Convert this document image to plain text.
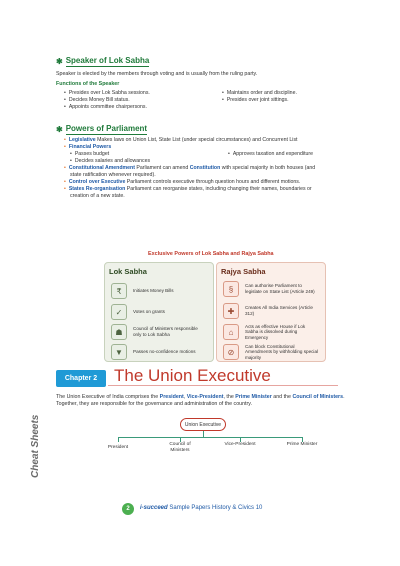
✱ Speaker of Lok Sabha
Speaker is elected by the members through voting and is usually from the ruling party.
Functions of the Speaker
• Presides over Lok Sabha sessions.
• Decides Money Bill status.
• Appoints committee chairpersons.
• Maintains order and discipline.
• Presides over joint sittings.
✱ Powers of Parliament
• Legislative Makes laws on Union List, State List (under special circumstances) and Concurrent List
• Financial Powers
• Passes budget
• Decides salaries and allowances
• Approves taxation and expenditure
• Constitutional Amendment Parliament can amend Constitution with special majority in both houses (and
state ratification whenever required).
• Control over Executive Parliament controls executive through question hours and different motions.
• States Re-organisation Parliament can reorganise states, including changing their names, boundaries or
creation of a new state.
Exclusive Powers of Lok Sabha and Rajya Sabha
Lok Sabha
₹	Initiates Money Bills
✓	Votes on grants
☗	Council of Ministers responsible only to Lok Sabha
▼	Passes no-confidence motions
Rajya Sabha
§	Can authorise Parliament to legislate on State List (Article 249)
✚	Creates All India Services (Article 312)
⌂
Acts as effective House if Lok Sabha is dissolved during Emergency
⊘
Can block Constitutional Amendments by withholding special majority
Chapter 2 The Union Executive
The Union Executive of India comprises the President, Vice-President, the Prime Minister and the Council of Ministers. Together, they are responsible for the governance and administration of the country.
Union Executive
President
Council of Ministers
Vice-President	Prime Minister
Cheat Sheets
2	i-succeed Sample Papers History & Civics 10
